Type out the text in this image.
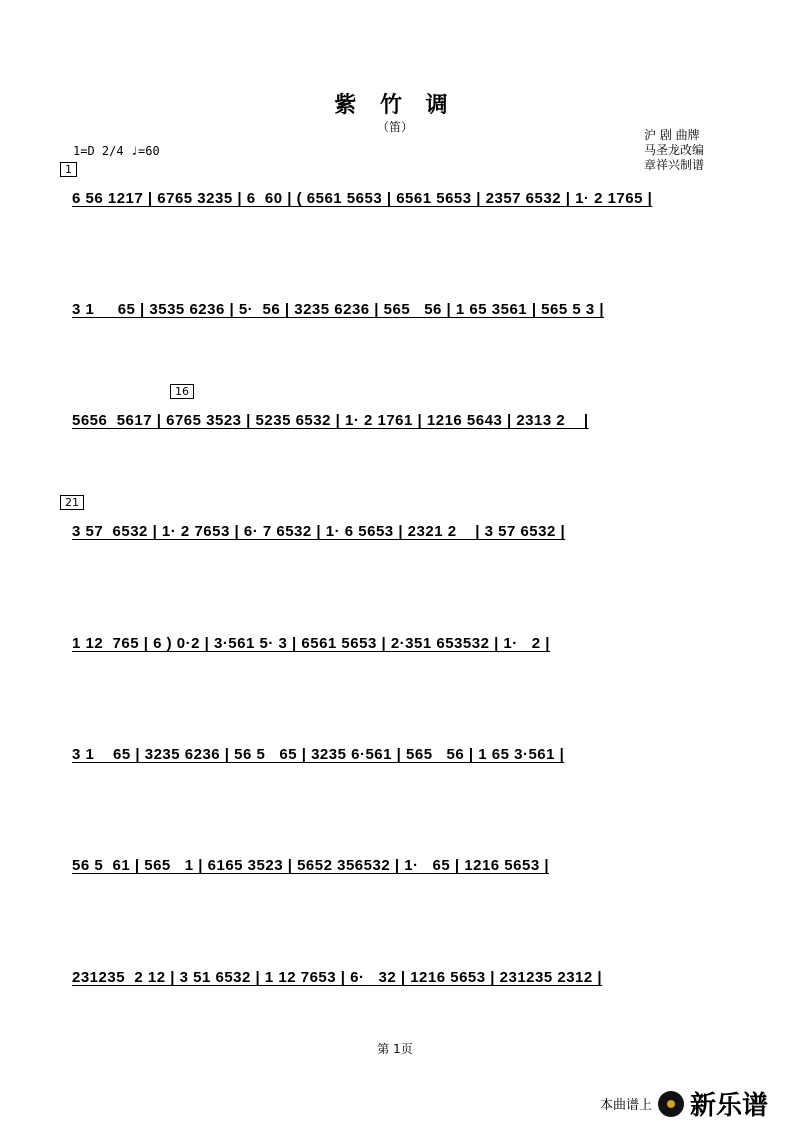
紫 竹 调
（笛）
1=D 2/4 ♩=60
沪 剧 曲牌
马圣龙改编
章祥兴制谱
1
6 56 1217 | 6765 3235 | 6  60 | ( 6561 5653 | 6561 5653 | 2357 6532 | 1· 2 1765 |
3 1     65 | 3535 6236 | 5·  56 | 3235 6236 | 565   56 | 1 65 3561 | 565 5 3 |
16
5656  5617 | 6765 3523 | 5235 6532 | 1· 2 1761 | 1216 5643 | 2313 2    |
21
3 57  6532 | 1· 2 7653 | 6· 7 6532 | 1· 6 5653 | 2321 2    | 3 57 6532 |
1 12  765 | 6 ) 0·2 | 3·561 5· 3 | 6561 5653 | 2·351 653532 | 1·   2 |
3 1    65 | 3235 6236 | 56 5   65 | 3235 6·561 | 565   56 | 1 65 3·561 |
56 5  61 | 565   1 | 6165 3523 | 5652 356532 | 1·   65 | 1216 5653 |
231235  2 12 | 3 51 6532 | 1 12 7653 | 6·   32 | 1216 5653 | 231235 2312 |
第 1页
本曲谱上 新乐谱
